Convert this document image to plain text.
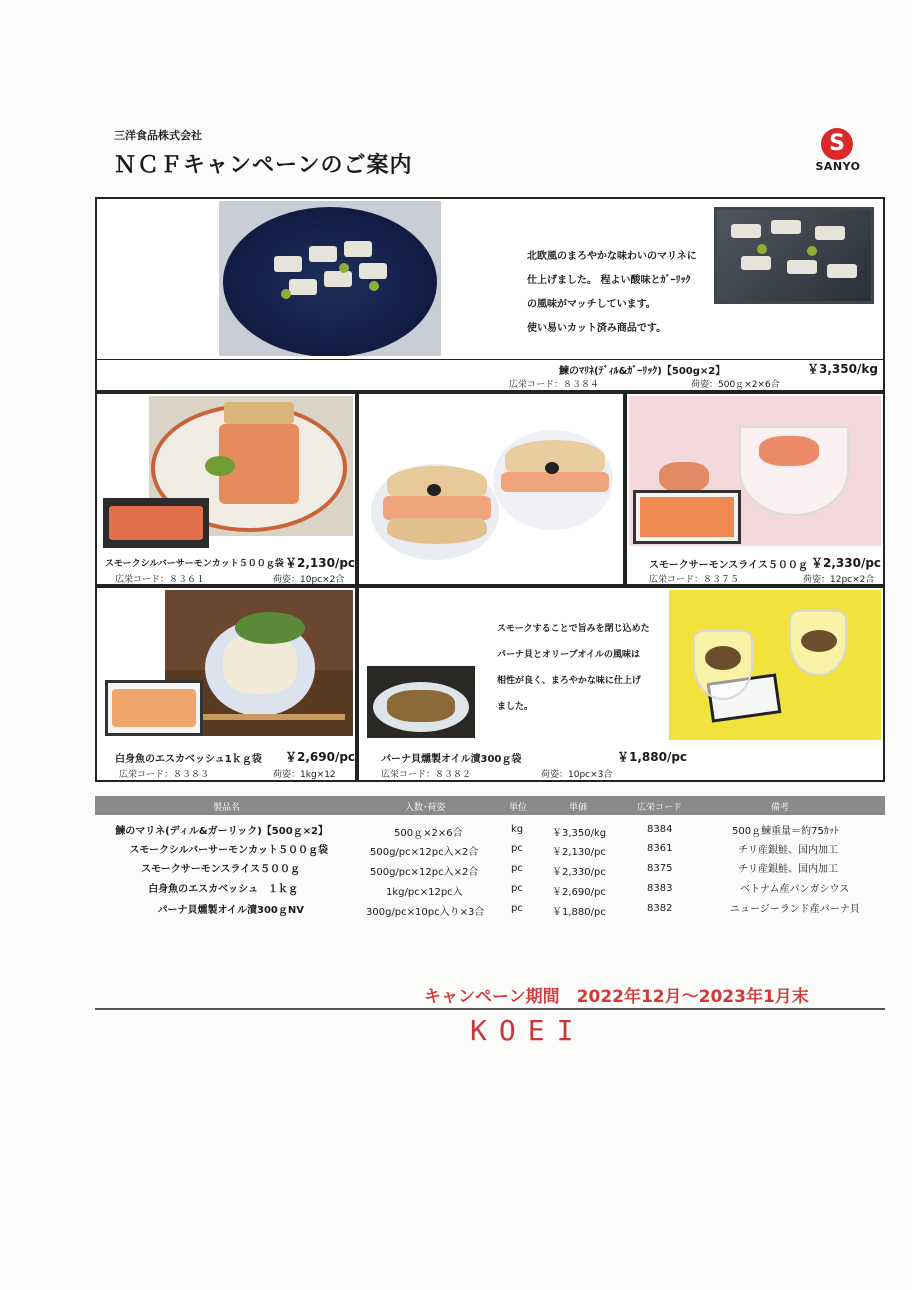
三洋食品株式会社
ＮＣＦキャンペーンのご案内
S
SANYO
北欧風のまろやかな味わいのマリネに
仕上げました。 程よい酸味とｶﾞｰﾘｯｸ
の風味がマッチしています。
使い易いカット済み商品です。
鰊のﾏﾘﾈ(ﾃﾞｨﾙ&ｶﾞｰﾘｯｸ)【500g×2】	￥3,350/kg
広栄コード：８３８４	荷姿：500ｇ×2×6合
スモークシルバーサーモンカット５００ｇ袋 ￥2,130/pc
広栄コード：８３６１	荷姿：10pc×2合
スモークサーモンスライス５００ｇ ￥2,330/pc
広栄コード：８３７５	荷姿：12pc×2合
白身魚のエスカベッシュ1ｋｇ袋 ￥2,690/pc
広栄コード：８３８３	荷姿：1kg×12
スモークすることで旨みを閉じ込めた
パーナ貝とオリーブオイルの風味は
相性が良く、まろやかな味に仕上げ
ました。
パーナ貝燻製オイル漬300ｇ袋	￥1,880/pc
広栄コード：８３８２	荷姿：10pc×3合
製品名	入数･荷姿	単位	単価	広栄コード	備考
鰊のマリネ(ディル&ガーリック)【500ｇ×2】	500ｇ×2×6合	kg	￥3,350/kg	8384	500ｇ鰊重量＝約75ｶｯﾄ
スモークシルバーサーモンカット５００ｇ袋	500g/pc×12pc入×2合	pc	￥2,130/pc	8361	チリ産銀鮭、国内加工
スモークサーモンスライス５００ｇ	500g/pc×12pc入×2合	pc	￥2,330/pc	8375	チリ産銀鮭、国内加工
白身魚のエスカベッシュ　１ｋｇ	1kg/pc×12pc入	pc	￥2,690/pc	8383	ベトナム産パンガシウス
パーナ貝燻製オイル漬300ｇNV	300g/pc×10pc入り×3合	pc	￥1,880/pc	8382	ニュージーランド産パーナ貝
キャンペーン期間　2022年12月～2023年1月末
KOEI
